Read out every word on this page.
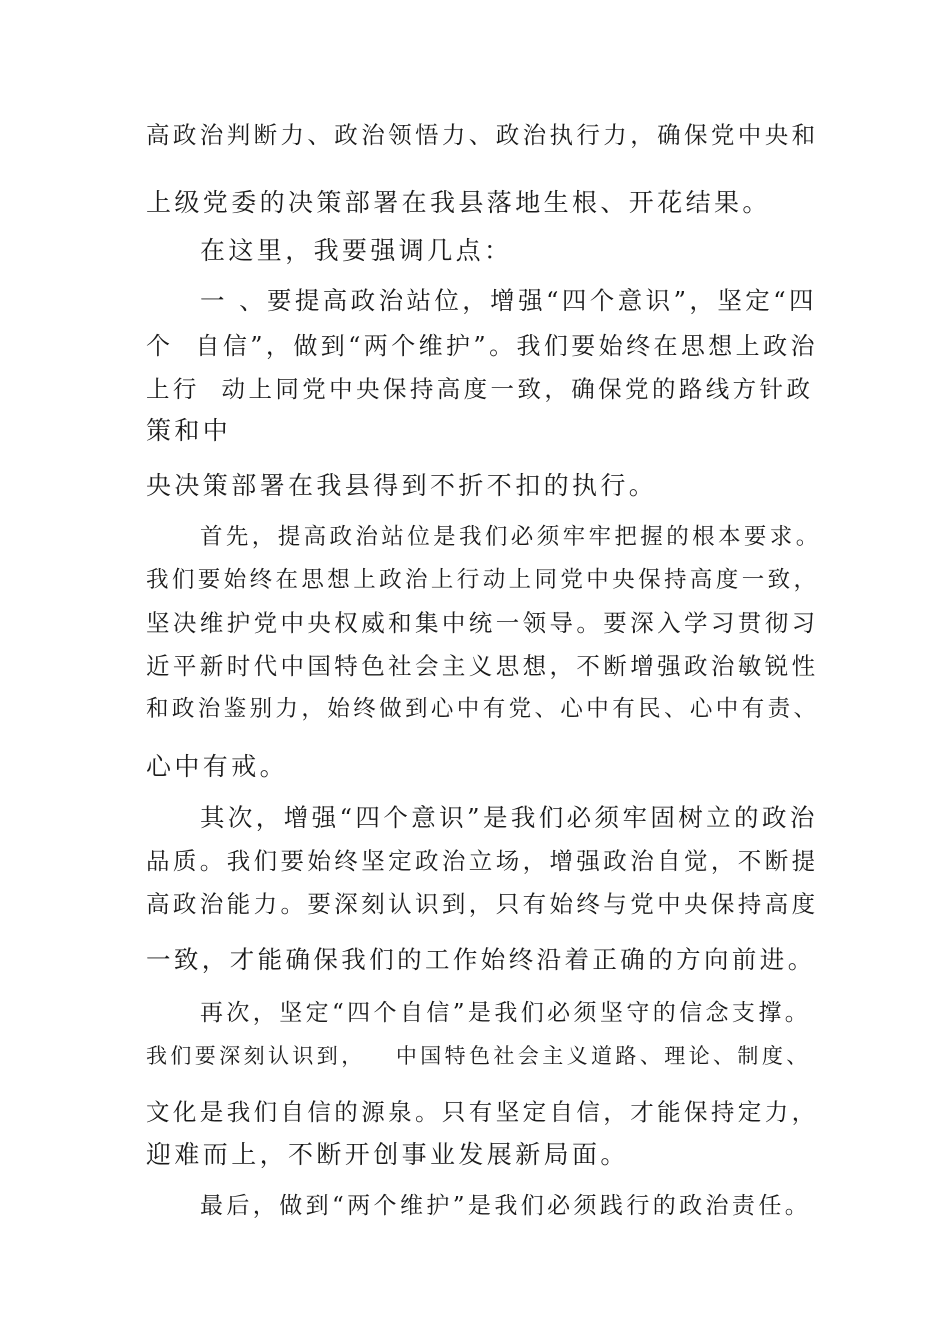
高政治判断力、政治领悟力、政治执行力，确保党中央和

上级党委的决策部署在我县落地生根、开花结果。

在这里，我要强调几点：

一 、要提高政治站位，增强“四个意识”，坚定“四

个  自信”，做到“两个维护”。我们要始终在思想上政治

上行  动上同党中央保持高度一致，确保党的路线方针政

策和中

央决策部署在我县得到不折不扣的执行。

首先，提高政治站位是我们必须牢牢把握的根本要求。

我们要始终在思想上政治上行动上同党中央保持高度一致，

坚决维护党中央权威和集中统一领导。要深入学习贯彻习

近平新时代中国特色社会主义思想，不断增强政治敏锐性

和政治鉴别力，始终做到心中有党、心中有民、心中有责、

心中有戒。

其次，增强“四个意识”是我们必须牢固树立的政治

品质。我们要始终坚定政治立场，增强政治自觉，不断提

高政治能力。要深刻认识到，只有始终与党中央保持高度

一致，才能确保我们的工作始终沿着正确的方向前进。

再次，坚定“四个自信”是我们必须坚守的信念支撑。

我们要深刻认识到，   中国特色社会主义道路、理论、制度、

文化是我们自信的源泉。只有坚定自信，才能保持定力，

迎难而上，不断开创事业发展新局面。

最后，做到“两个维护”是我们必须践行的政治责任。
